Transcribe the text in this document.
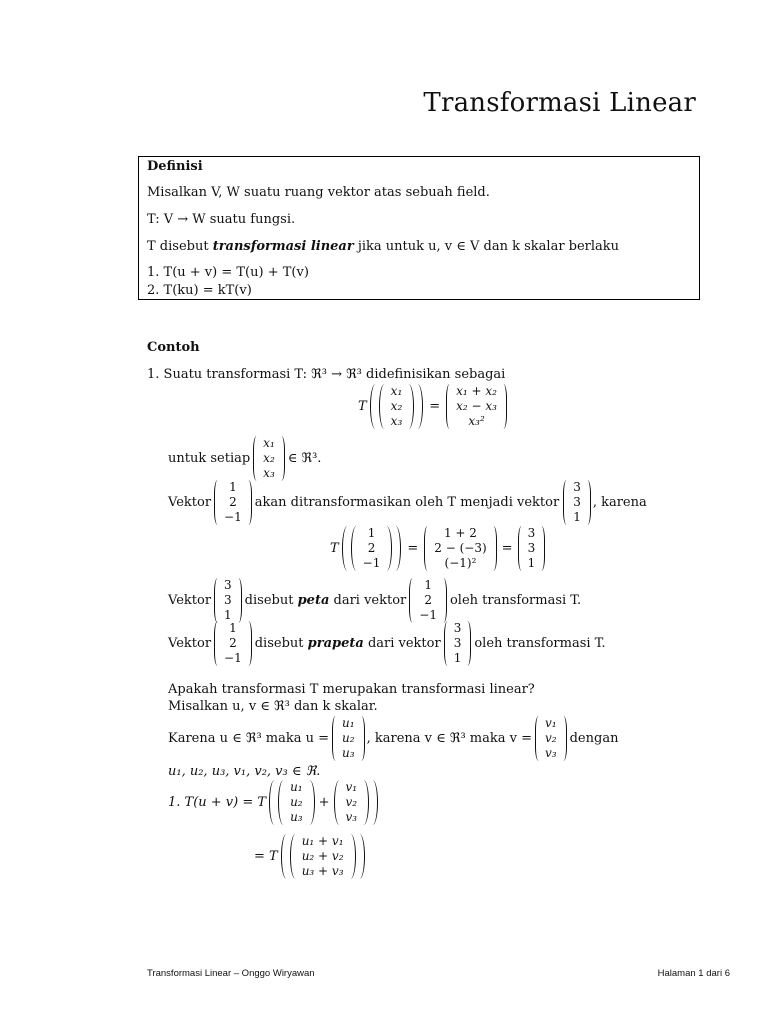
Transformasi Linear
Definisi
Misalkan V, W suatu ruang vektor atas sebuah field.
T: V → W suatu fungsi.
T disebut transformasi linear jika untuk u, v ∈ V dan k skalar berlaku
1. T(u + v) = T(u) + T(v)
2. T(ku) = kT(v)
Contoh
1. Suatu transformasi T: ℜ³ → ℜ³ didefinisikan sebagai
T
x₁
x₂
x₃
=
x₁ + x₂
x₂ − x₃
x₃²
untuk setiap
x₁
x₂
x₃
∈ ℜ³.
Vektor
1
2
−1
akan ditransformasikan oleh T menjadi vektor
3
3
1
, karena
T
1
2
−1
=
1 + 2
2 − (−3)
(−1)²
=
3
3
1
Vektor
3
3
1
disebut
peta
dari vektor
1
2
−1
oleh transformasi T.
Vektor
1
2
−1
disebut
prapeta
dari vektor
3
3
1
oleh transformasi T.
Apakah transformasi T merupakan transformasi linear?
Misalkan u, v ∈ ℜ³ dan k skalar.
Karena u ∈ ℜ³ maka u =
u₁
u₂
u₃
, karena v ∈ ℜ³ maka v =
v₁
v₂
v₃
dengan
u₁, u₂, u₃, v₁, v₂, v₃ ∈ ℜ.
1. T(u + v) = T
u₁
u₂
u₃
+
v₁
v₂
v₃
= T
u₁ + v₁
u₂ + v₂
u₃ + v₃
Transformasi Linear – Onggo Wiryawan	Halaman 1 dari 6
